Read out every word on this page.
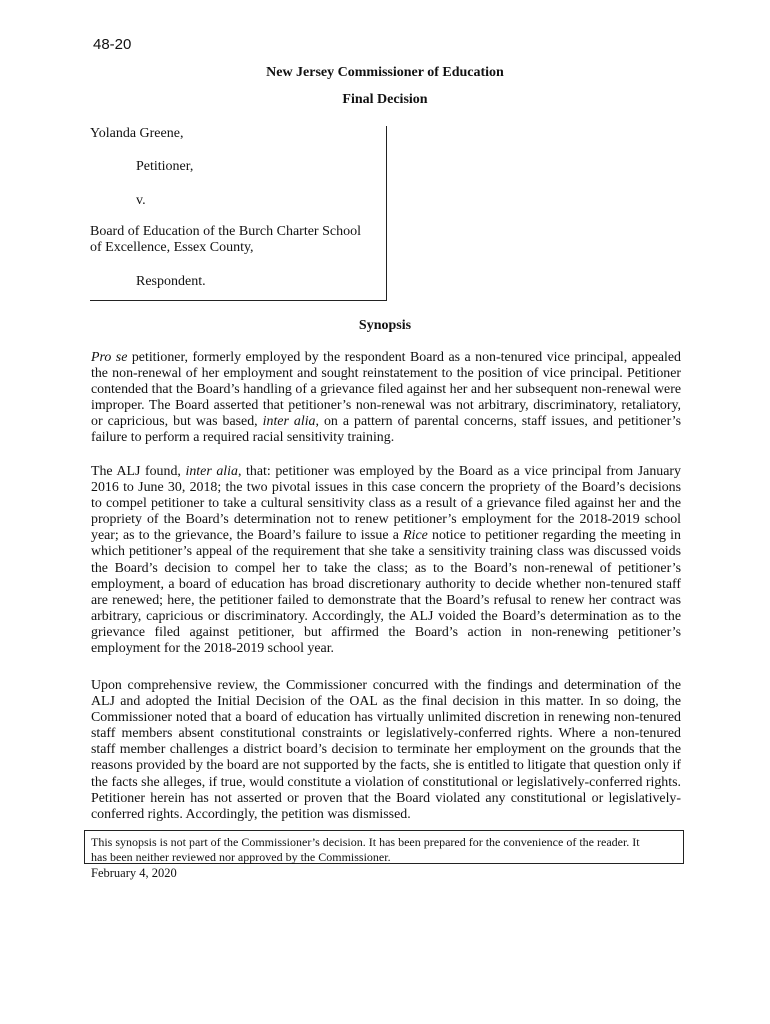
48-20
New Jersey Commissioner of Education
Final Decision
Yolanda Greene,
Petitioner,
v.
Board of Education of the Burch Charter School
of Excellence, Essex County,
Respondent.
Synopsis
Pro se petitioner, formerly employed by the respondent Board as a non-tenured vice principal, appealed
the non-renewal of her employment and sought reinstatement to the position of vice principal. Petitioner
contended that the Board’s handling of a grievance filed against her and her subsequent non-renewal were
improper. The Board asserted that petitioner’s non-renewal was not arbitrary, discriminatory, retaliatory,
or capricious, but was based, inter alia, on a pattern of parental concerns, staff issues, and petitioner’s
failure to perform a required racial sensitivity training.
The ALJ found, inter alia, that: petitioner was employed by the Board as a vice principal from January
2016 to June 30, 2018; the two pivotal issues in this case concern the propriety of the Board’s decisions
to compel petitioner to take a cultural sensitivity class as a result of a grievance filed against her and the
propriety of the Board’s determination not to renew petitioner’s employment for the 2018-2019 school
year; as to the grievance, the Board’s failure to issue a Rice notice to petitioner regarding the meeting in
which petitioner’s appeal of the requirement that she take a sensitivity training class was discussed voids
the Board’s decision to compel her to take the class; as to the Board’s non-renewal of petitioner’s
employment, a board of education has broad discretionary authority to decide whether non-tenured staff
are renewed; here, the petitioner failed to demonstrate that the Board’s refusal to renew her contract was
arbitrary, capricious or discriminatory. Accordingly, the ALJ voided the Board’s determination as to the
grievance filed against petitioner, but affirmed the Board’s action in non-renewing petitioner’s
employment for the 2018-2019 school year.
Upon comprehensive review, the Commissioner concurred with the findings and determination of the
ALJ and adopted the Initial Decision of the OAL as the final decision in this matter. In so doing, the
Commissioner noted that a board of education has virtually unlimited discretion in renewing non-tenured
staff members absent constitutional constraints or legislatively-conferred rights. Where a non-tenured
staff member challenges a district board’s decision to terminate her employment on the grounds that the
reasons provided by the board are not supported by the facts, she is entitled to litigate that question only if
the facts she alleges, if true, would constitute a violation of constitutional or legislatively-conferred rights.
Petitioner herein has not asserted or proven that the Board violated any constitutional or legislatively-
conferred rights. Accordingly, the petition was dismissed.
This synopsis is not part of the Commissioner’s decision. It has been prepared for the convenience of the reader. It
has been neither reviewed nor approved by the Commissioner.
February 4, 2020
